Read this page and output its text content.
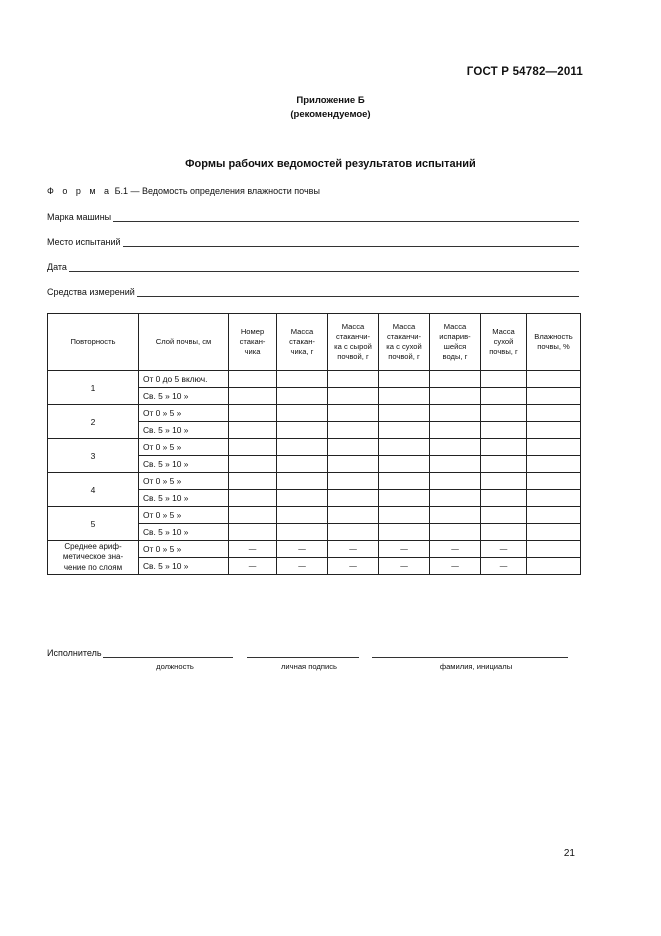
ГОСТ Р 54782—2011
Приложение Б
(рекомендуемое)
Формы рабочих ведомостей результатов испытаний
Ф о р м а Б.1 — Ведомость определения влажности почвы
Марка машины
Место испытаний
Дата
Средства измерений
Повторность	Слой почвы, см	Номер
стакан-
чика	Масса
стакан-
чика, г	Масса
стаканчи-
ка с сырой
почвой, г	Масса
стаканчи-
ка с сухой
почвой, г	Масса
испарив-
шейся
воды, г	Масса
сухой
почвы, г	Влажность
почвы, %
1	От 0 до 5 включ.							
	Св. 5 » 10 »							
2	От 0 » 5 »							
	Св. 5 » 10 »							
3	От 0 » 5 »							
	Св. 5 » 10 »							
4	От 0 » 5 »							
	Св. 5 » 10 »							
5	От 0 » 5 »							
	Св. 5 » 10 »							
Среднее ариф-
метическое зна-
чение по слоям	От 0 » 5 »	—	—	—	—	—	—	
	Св. 5 » 10 »	—	—	—	—	—	—	
Исполнитель
должность	личная подпись	фамилия, инициалы
21
